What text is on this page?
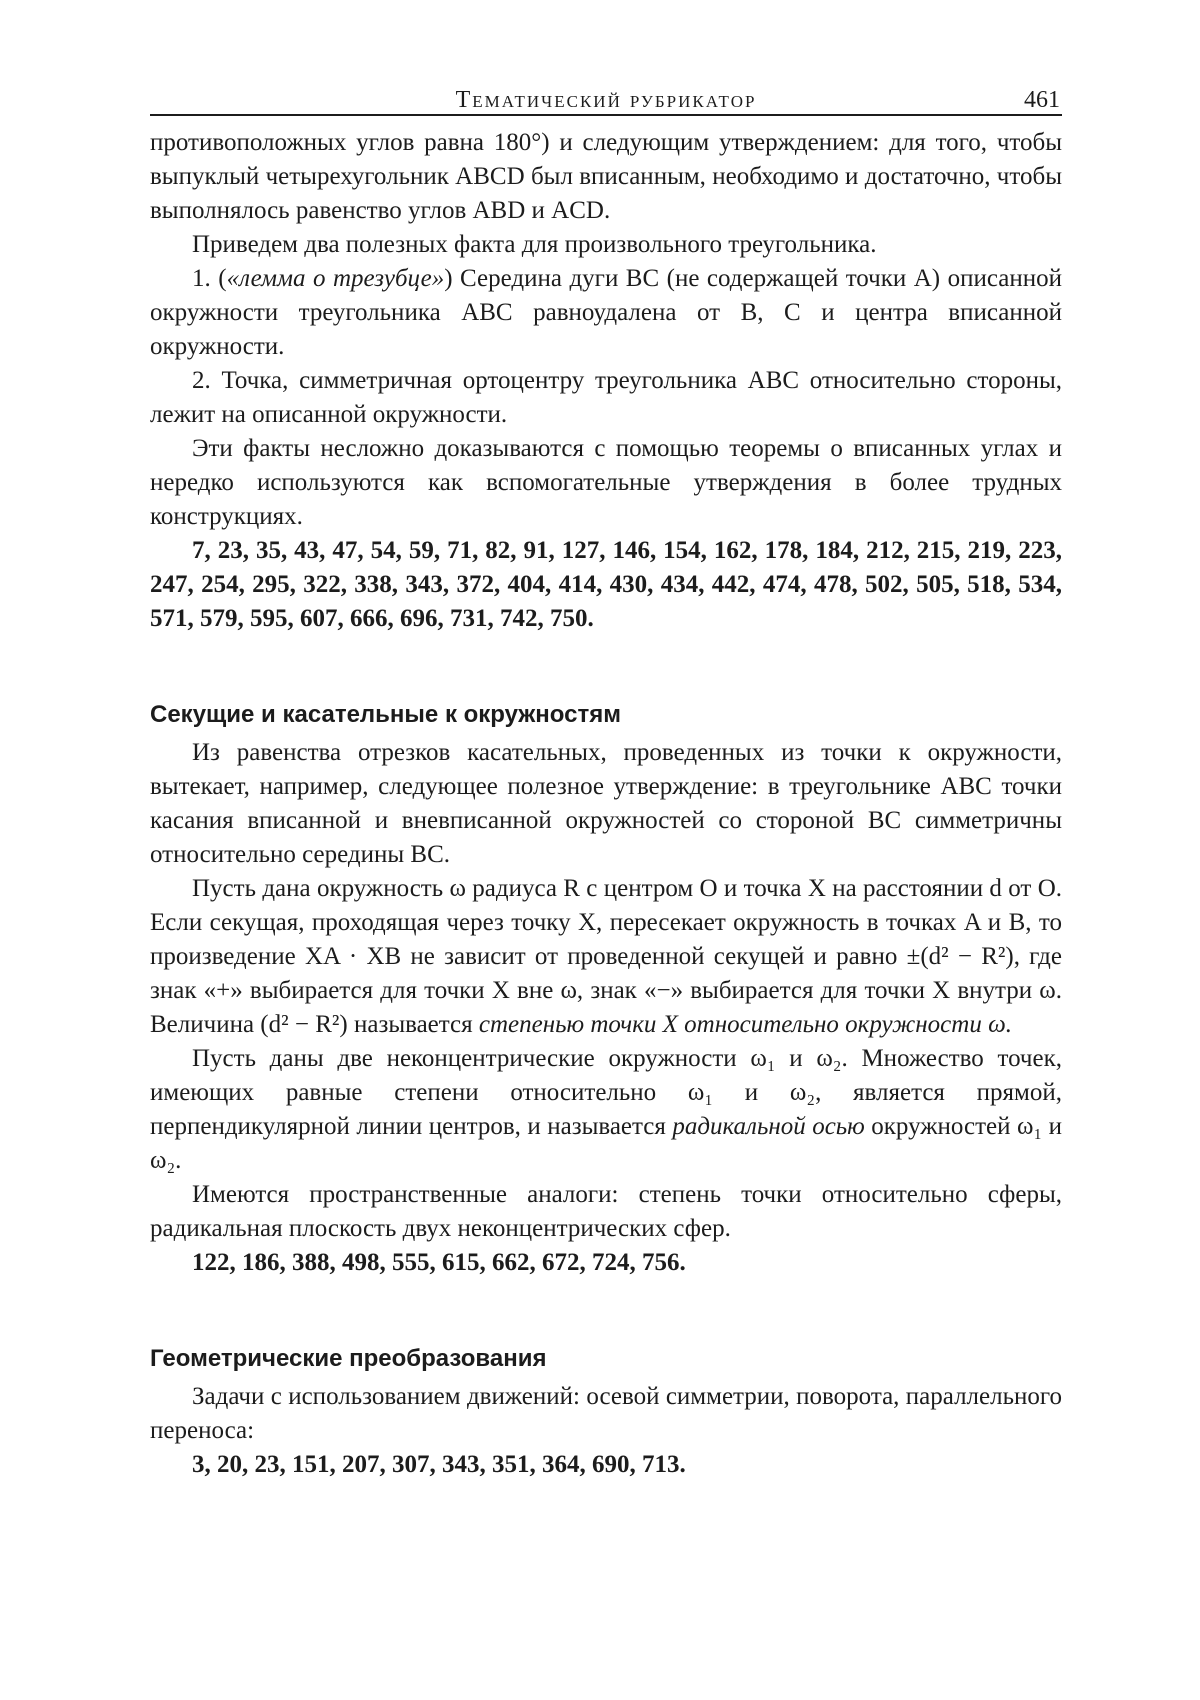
Тематический рубрикатор	461

противоположных углов равна 180°) и следующим утверждением: для того, чтобы выпуклый четырехугольник ABCD был вписанным, необходимо и достаточно, чтобы выполнялось равенство углов ABD и ACD.

Приведем два полезных факта для произвольного треугольника.

1. («лемма о трезубце») Середина дуги BC (не содержащей точки A) описанной окружности треугольника ABC равноудалена от B, C и центра вписанной окружности.

2. Точка, симметричная ортоцентру треугольника ABC относительно стороны, лежит на описанной окружности.

Эти факты несложно доказываются с помощью теоремы о вписанных углах и нередко используются как вспомогательные утверждения в более трудных конструкциях.

7, 23, 35, 43, 47, 54, 59, 71, 82, 91, 127, 146, 154, 162, 178, 184, 212, 215, 219, 223, 247, 254, 295, 322, 338, 343, 372, 404, 414, 430, 434, 442, 474, 478, 502, 505, 518, 534, 571, 579, 595, 607, 666, 696, 731, 742, 750.

Секущие и касательные к окружностям

Из равенства отрезков касательных, проведенных из точки к окружности, вытекает, например, следующее полезное утверждение: в треугольнике ABC точки касания вписанной и вневписанной окружностей со стороной BC симметричны относительно середины BC.

Пусть дана окружность ω радиуса R с центром O и точка X на расстоянии d от O. Если секущая, проходящая через точку X, пересекает окружность в точках A и B, то произведение XA · XB не зависит от проведенной секущей и равно ±(d² − R²), где знак «+» выбирается для точки X вне ω, знак «−» выбирается для точки X внутри ω. Величина (d² − R²) называется степенью точки X относительно окружности ω.

Пусть даны две неконцентрические окружности ω₁ и ω₂. Множество точек, имеющих равные степени относительно ω₁ и ω₂, является прямой, перпендикулярной линии центров, и называется радикальной осью окружностей ω₁ и ω₂.

Имеются пространственные аналоги: степень точки относительно сферы, радикальная плоскость двух неконцентрических сфер.

122, 186, 388, 498, 555, 615, 662, 672, 724, 756.

Геометрические преобразования

Задачи с использованием движений: осевой симметрии, поворота, параллельного переноса:

3, 20, 23, 151, 207, 307, 343, 351, 364, 690, 713.
